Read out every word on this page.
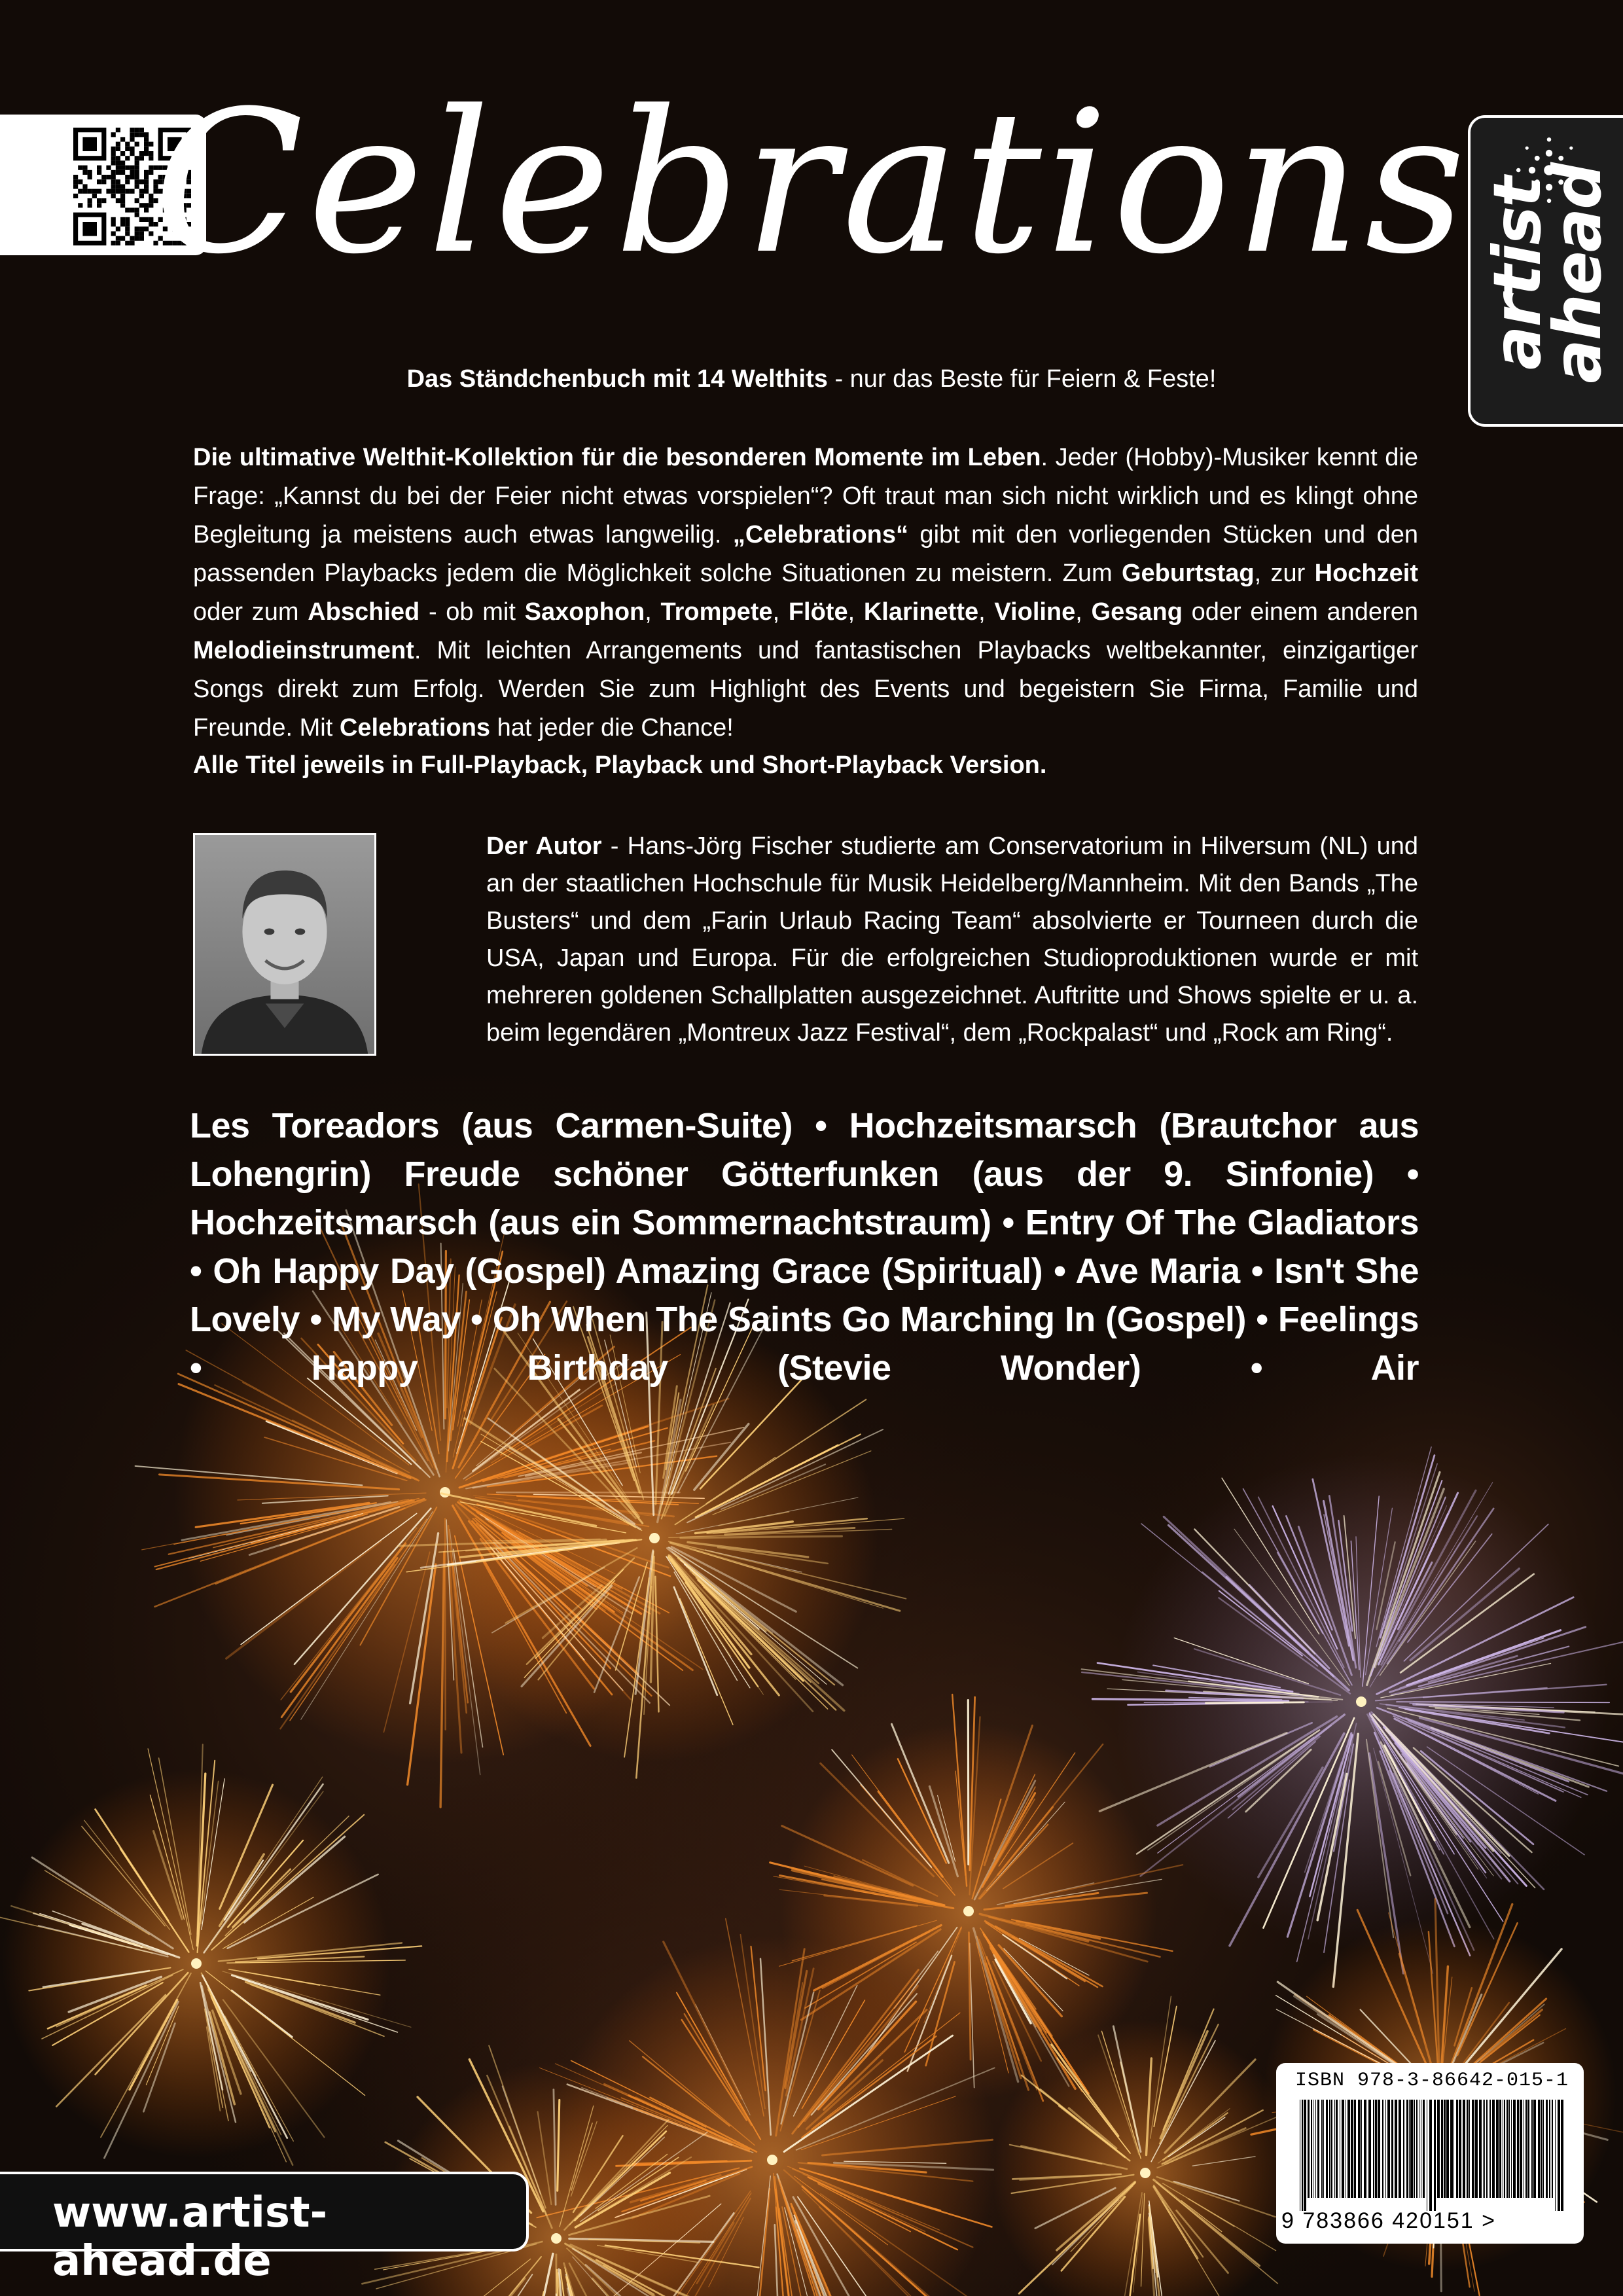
artist
ahead
Celebrations
Das Ständchenbuch mit 14 Welthits - nur das Beste für Feiern & Feste!
Die ultimative Welthit-Kollektion für die besonderen Momente im Leben. Jeder (Hobby)-Musiker kennt die Frage: „Kannst du bei der Feier nicht etwas vorspielen“? Oft traut man sich nicht wirklich und es klingt ohne Begleitung ja meistens auch etwas langweilig. „Celebrations“ gibt mit den vorliegenden Stücken und den passenden Playbacks jedem die Möglichkeit solche Situationen zu meistern. Zum Geburtstag, zur Hochzeit oder zum Abschied - ob mit Saxophon, Trompete, Flöte, Klarinette, Violine, Gesang oder einem anderen Melodieinstrument. Mit leichten Arrangements und fantastischen Playbacks weltbekannter, einzigartiger Songs direkt zum Erfolg. Werden Sie zum Highlight des Events und begeistern Sie Firma, Familie und Freunde. Mit Celebrations hat jeder die Chance!
Alle Titel jeweils in Full-Playback, Playback und Short-Playback Version.
Der Autor - Hans-Jörg Fischer studierte am Conservatorium in Hilversum (NL) und an der staatlichen Hochschule für Musik Heidelberg/Mannheim. Mit den Bands „The Busters“ und dem „Farin Urlaub Racing Team“ absolvierte er Tourneen durch die USA, Japan und Europa. Für die erfolgreichen Studioproduktionen wurde er mit mehreren goldenen Schallplatten ausgezeichnet. Auftritte und Shows spielte er u. a. beim legendären „Montreux Jazz Festival“, dem „Rockpalast“ und „Rock am Ring“.
Les Toreadors (aus Carmen-Suite) • Hochzeitsmarsch (Brautchor aus Lohengrin) Freude schöner Götterfunken (aus der 9. Sinfonie) • Hochzeitsmarsch (aus ein Sommernachtstraum) • Entry Of The Gladiators • Oh Happy Day (Gospel) Amazing Grace (Spiritual) • Ave Maria • Isn't She Lovely • My Way • Oh When The Saints Go Marching In (Gospel) • Feelings • Happy Birthday (Stevie Wonder) • Air
ISBN 978-3-86642-015-1
9 783866 420151 >
www.artist-ahead.de
